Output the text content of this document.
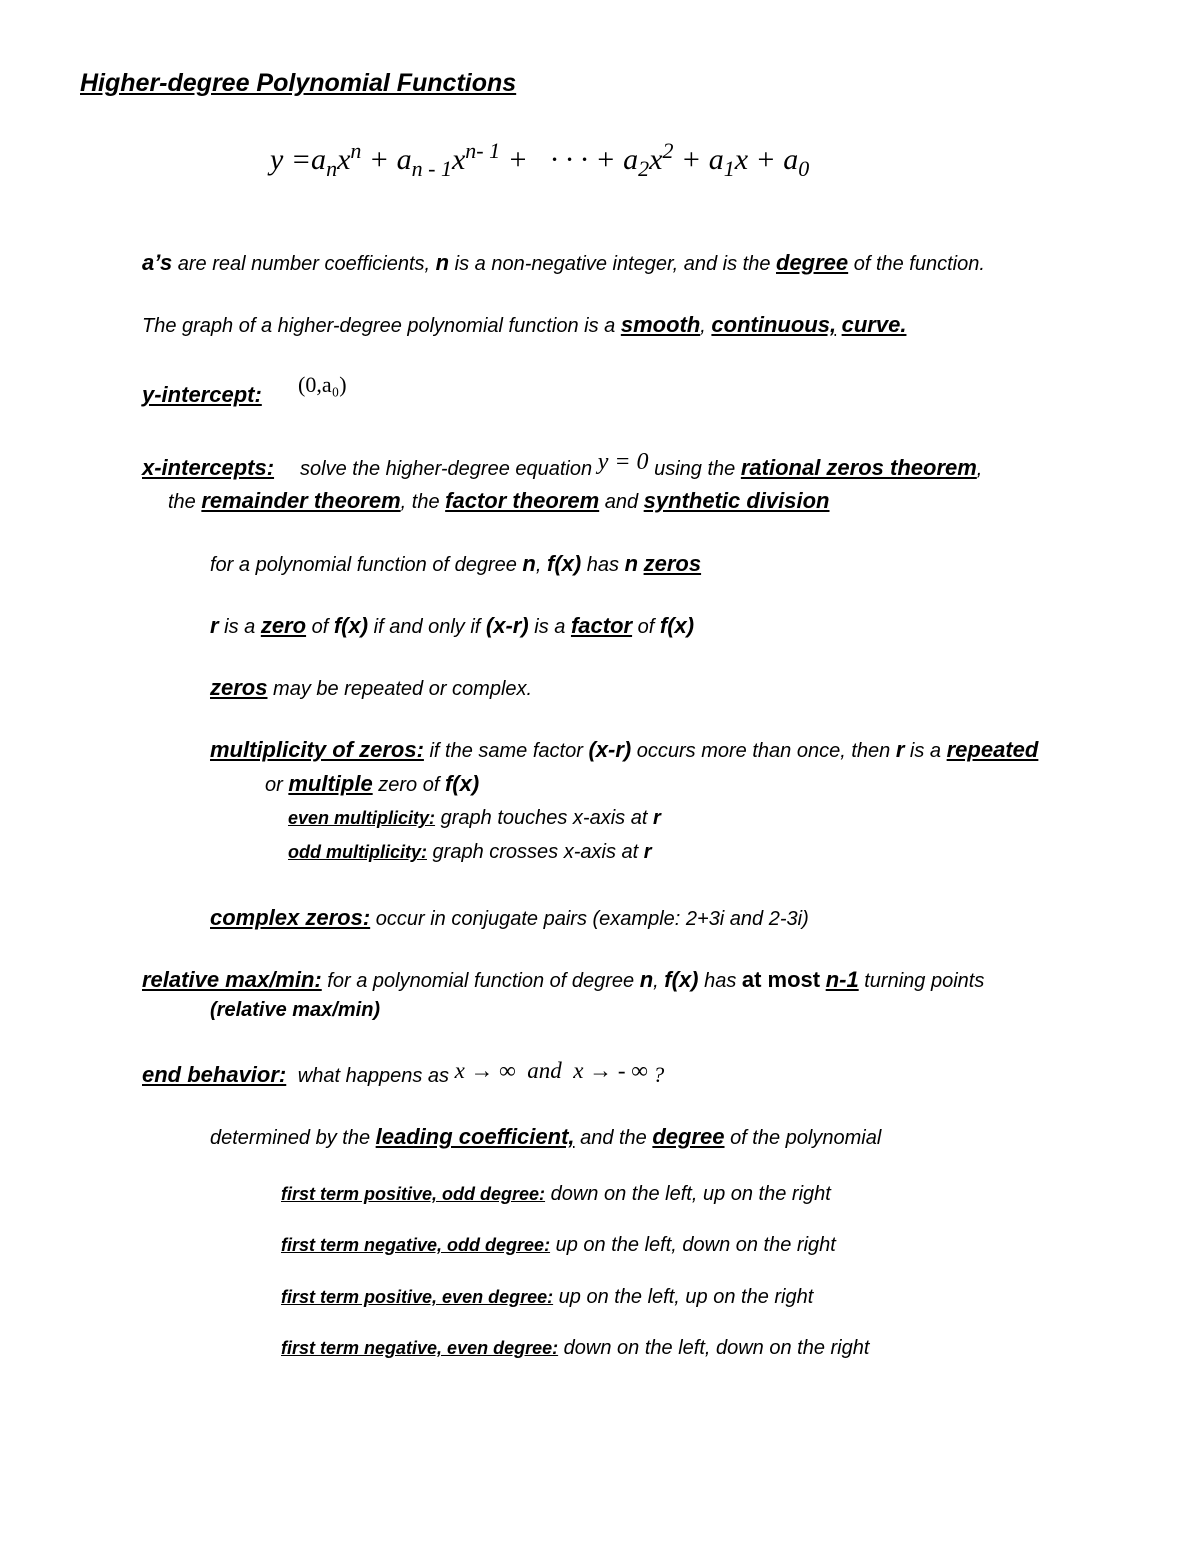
Higher-degree Polynomial Functions
$y =a_nx^n + a_{n - 1}x^{n- 1}$ +   · · · + $a_2x^2 + a_1x + a_0$
a’s are real number coefficients, n is a non-negative integer, and is the degree of the function.
The graph of a higher-degree polynomial function is a smooth, continuous, curve.
y-intercept: (0,a₀)
x-intercepts: solve the higher-degree equation y = 0 using the rational zeros theorem,
the remainder theorem, the factor theorem and synthetic division
for a polynomial function of degree n, f(x) has n zeros
r is a zero of f(x) if and only if (x-r) is a factor of f(x)
zeros may be repeated or complex.
multiplicity of zeros: if the same factor (x-r) occurs more than once, then r is a repeated
or multiple zero of f(x)
even multiplicity: graph touches x-axis at r
odd multiplicity: graph crosses x-axis at r
complex zeros: occur in conjugate pairs (example: 2+3i and 2-3i)
relative max/min: for a polynomial function of degree n, f(x) has at most n-1 turning points
(relative max/min)
end behavior: what happens as x → ∞  and  x → - ∞ ?
determined by the leading coefficient, and the degree of the polynomial
first term positive, odd degree: down on the left, up on the right
first term negative, odd degree: up on the left, down on the right
first term positive, even degree: up on the left, up on the right
first term negative, even degree: down on the left, down on the right
